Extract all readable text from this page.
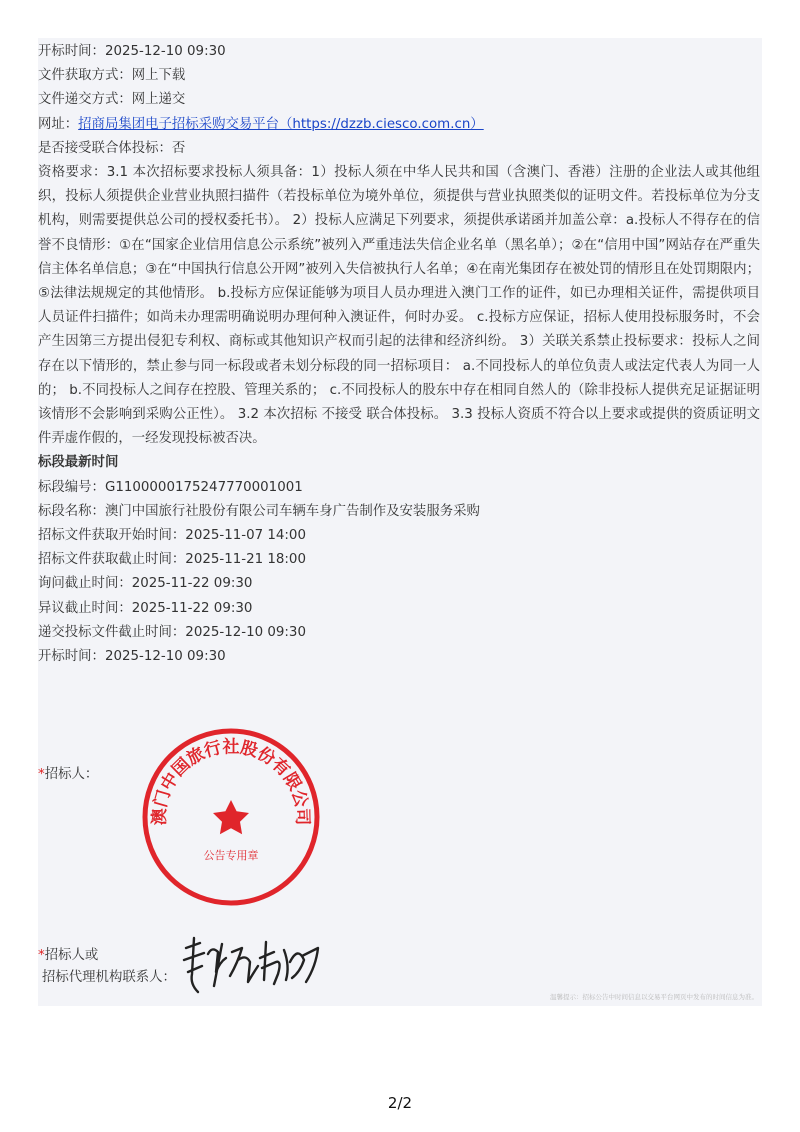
开标时间：2025-12-10 09:30
文件获取方式：网上下载
文件递交方式：网上递交
网址：招商局集团电子招标采购交易平台（https://dzzb.ciesco.com.cn）
是否接受联合体投标：否
资格要求：3.1 本次招标要求投标人须具备：1）投标人须在中华人民共和国（含澳门、香港）注册的企业法人或其他组织，投标人须提供企业营业执照扫描件（若投标单位为境外单位，须提供与营业执照类似的证明文件。若投标单位为分支机构，则需要提供总公司的授权委托书）。 2）投标人应满足下列要求，须提供承诺函并加盖公章：a.投标人不得存在的信誉不良情形：①在“国家企业信用信息公示系统”被列入严重违法失信企业名单（黑名单）；②在“信用中国”网站存在严重失信主体名单信息；③在“中国执行信息公开网”被列入失信被执行人名单；④在南光集团存在被处罚的情形且在处罚期限内；⑤法律法规规定的其他情形。 b.投标方应保证能够为项目人员办理进入澳门工作的证件，如已办理相关证件，需提供项目人员证件扫描件；如尚未办理需明确说明办理何种入澳证件，何时办妥。 c.投标方应保证，招标人使用投标服务时，不会产生因第三方提出侵犯专利权、商标或其他知识产权而引起的法律和经济纠纷。 3）关联关系禁止投标要求：投标人之间存在以下情形的，禁止参与同一标段或者未划分标段的同一招标项目： a.不同投标人的单位负责人或法定代表人为同一人的； b.不同投标人之间存在控股、管理关系的； c.不同投标人的股东中存在相同自然人的（除非投标人提供充足证据证明该情形不会影响到采购公正性）。 3.2 本次招标 不接受 联合体投标。 3.3 投标人资质不符合以上要求或提供的资质证明文件弄虚作假的，一经发现投标被否决。
标段最新时间
标段编号：G1100000175247770001001
标段名称：澳门中国旅行社股份有限公司车辆车身广告制作及安装服务采购
招标文件获取开始时间：2025-11-07 14:00
招标文件获取截止时间：2025-11-21 18:00
询问截止时间：2025-11-22 09:30
异议截止时间：2025-11-22 09:30
递交投标文件截止时间：2025-12-10 09:30
开标时间：2025-12-10 09:30
*招标人：
澳门中国旅行社股份有限公司
公告专用章
*招标人或
招标代理机构联系人：
温馨提示：招标公告中时间信息以交易平台网页中发布的时间信息为准。
2/2
